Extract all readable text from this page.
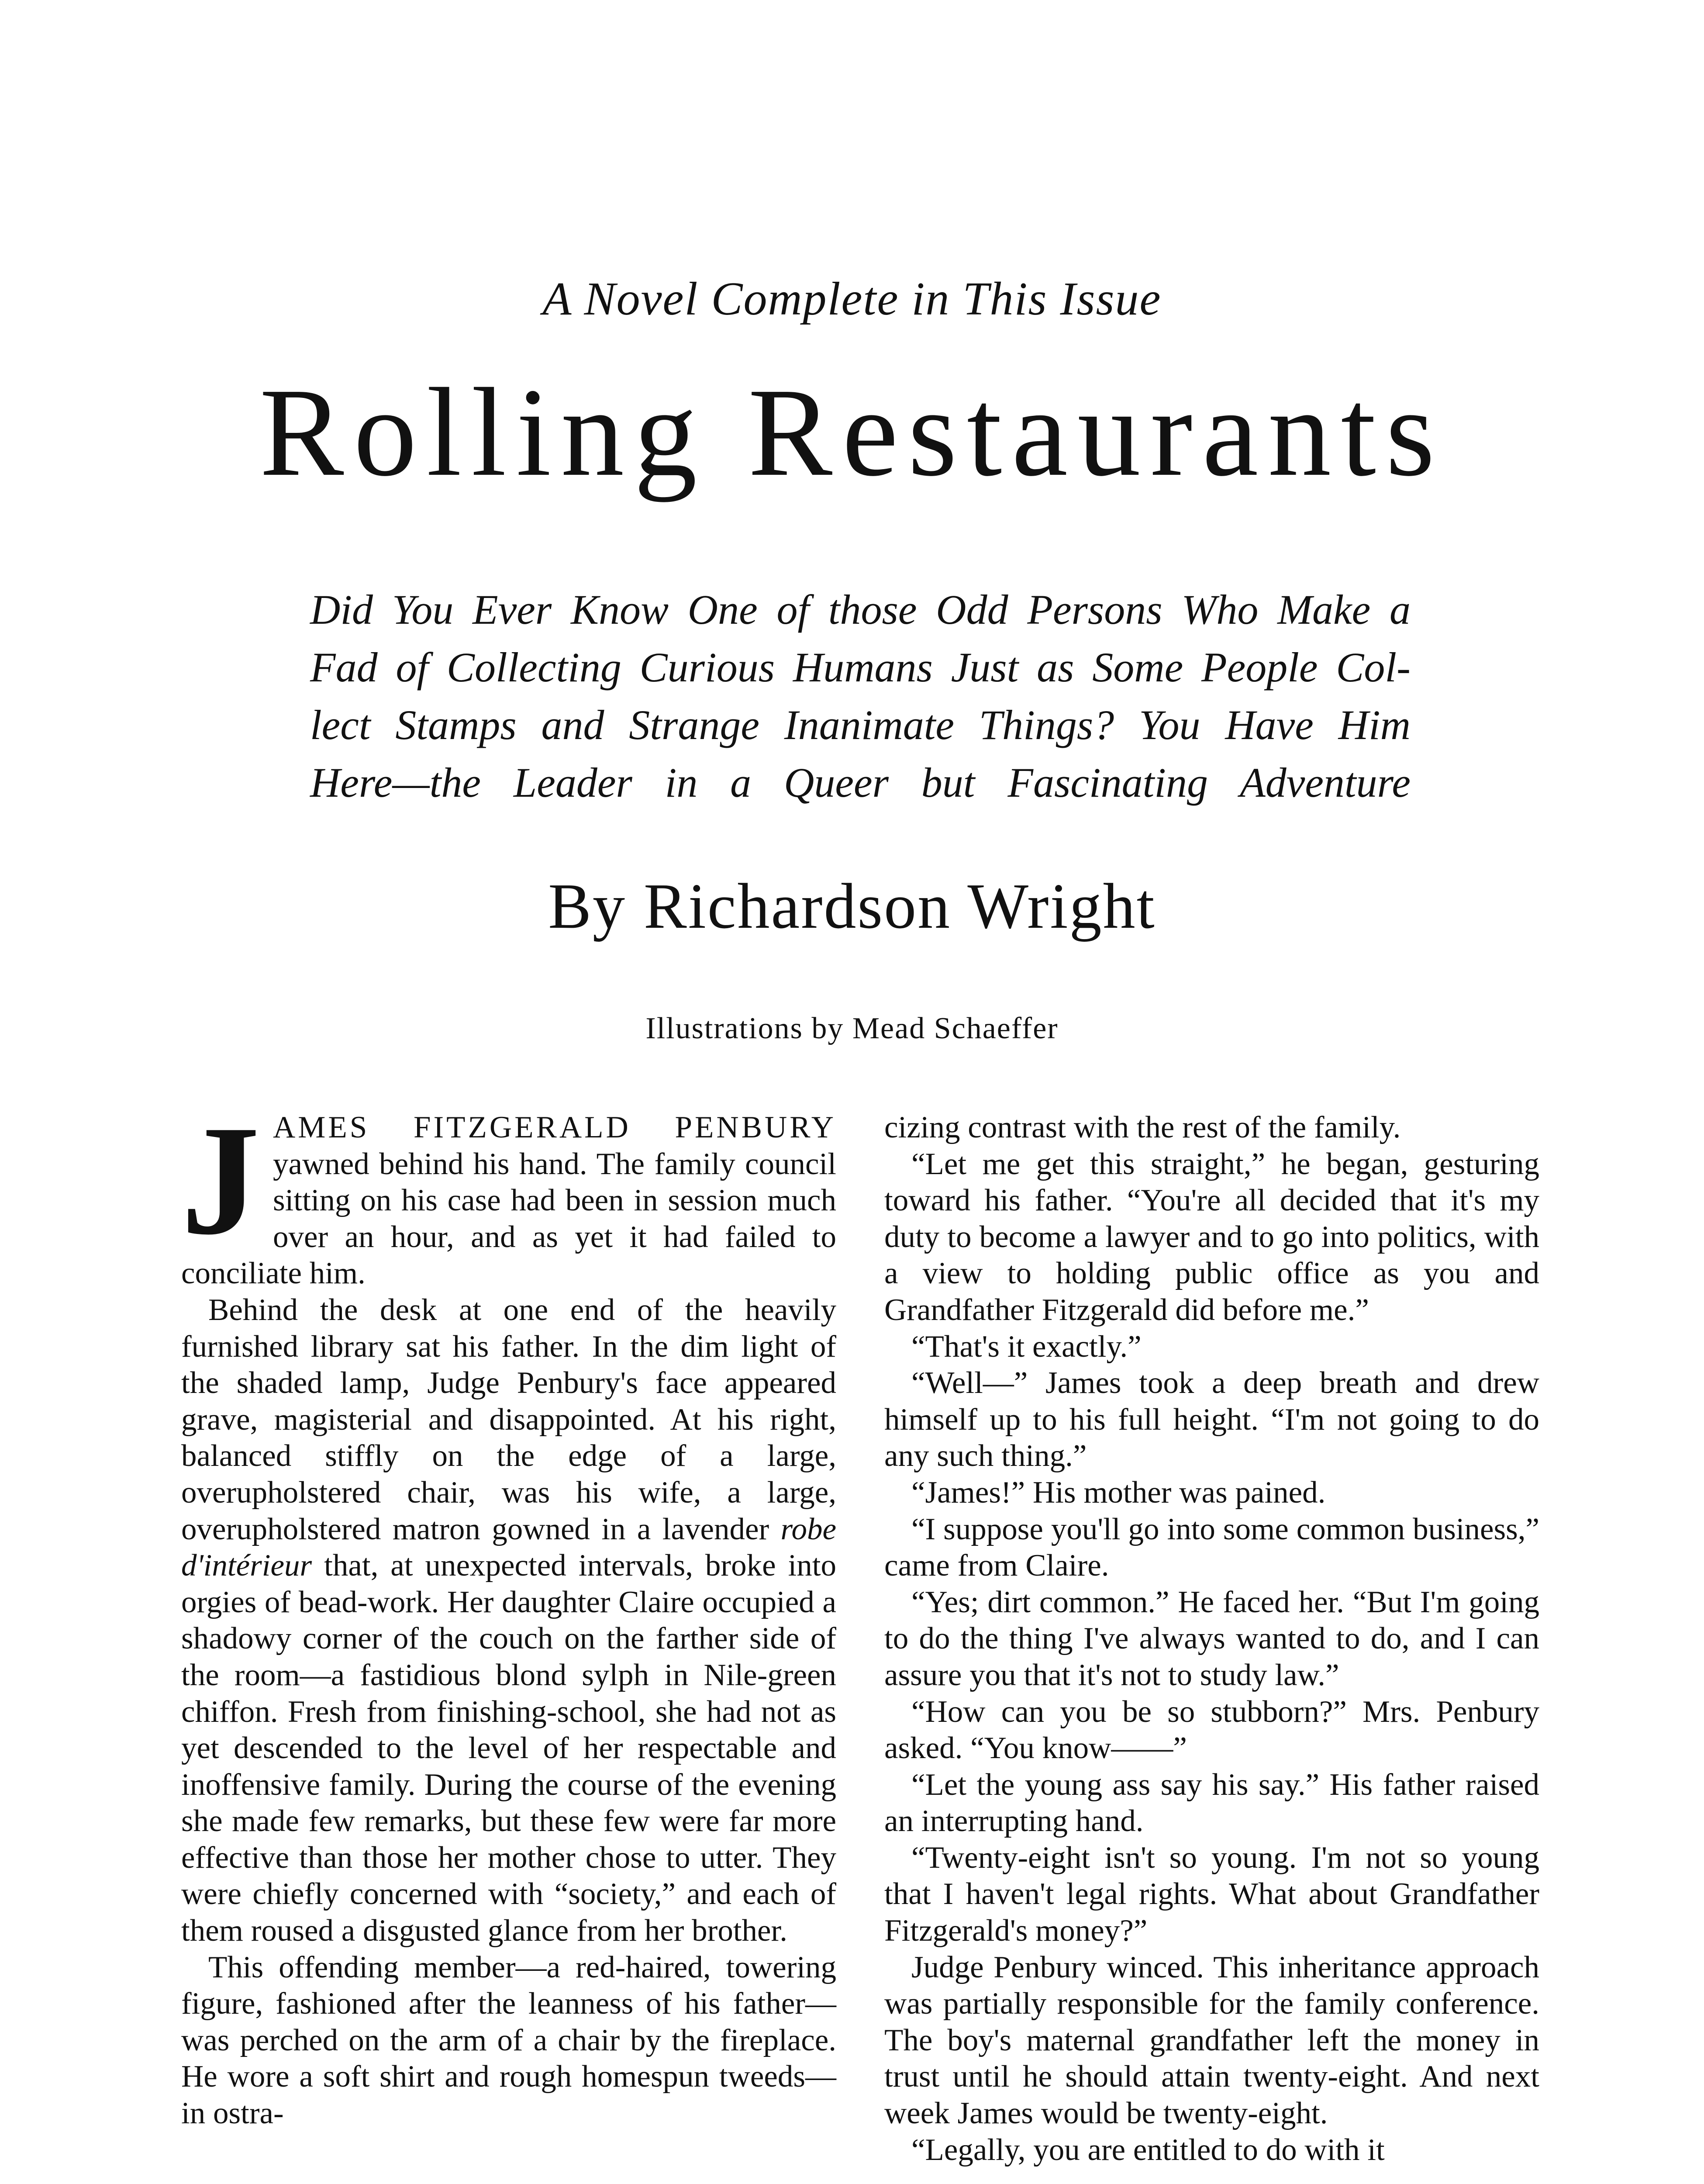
A Novel Complete in This Issue
Rolling Restaurants
Did You Ever Know One of those Odd Persons Who Make a
Fad of Collecting Curious Humans Just as Some People Col-
lect Stamps and Strange Inanimate Things? You Have Him
Here—the Leader in a Queer but Fascinating Adventure
By Richardson Wright
Illustrations by Mead Schaeffer

JAMES FITZGERALD PENBURY yawned behind his hand. The family council sitting on his case had been in session much over an hour, and as yet it had failed to conciliate him.

Behind the desk at one end of the heavily furnished library sat his father. In the dim light of the shaded lamp, Judge Penbury's face appeared grave, magisterial and disappointed. At his right, balanced stiffly on the edge of a large, overupholstered chair, was his wife, a large, overupholstered matron gowned in a lavender robe d'intérieur that, at unexpected intervals, broke into orgies of bead-work. Her daughter Claire occupied a shadowy corner of the couch on the farther side of the room—a fastidious blond sylph in Nile-green chiffon. Fresh from finishing-school, she had not as yet descended to the level of her respectable and inoffensive family. During the course of the evening she made few remarks, but these few were far more effective than those her mother chose to utter. They were chiefly concerned with “society,” and each of them roused a disgusted glance from her brother.

This offending member—a red-haired, towering figure, fashioned after the leanness of his father—was perched on the arm of a chair by the fireplace. He wore a soft shirt and rough homespun tweeds—in ostra-

cizing contrast with the rest of the family.

“Let me get this straight,” he began, gesturing toward his father. “You're all decided that it's my duty to become a lawyer and to go into politics, with a view to holding public office as you and Grandfather Fitzgerald did before me.”

“That's it exactly.”

“Well—” James took a deep breath and drew himself up to his full height. “I'm not going to do any such thing.”

“James!” His mother was pained.

“I suppose you'll go into some common business,” came from Claire.

“Yes; dirt common.” He faced her. “But I'm going to do the thing I've always wanted to do, and I can assure you that it's not to study law.”

“How can you be so stubborn?” Mrs. Penbury asked. “You know——”

“Let the young ass say his say.” His father raised an interrupting hand.

“Twenty-eight isn't so young. I'm not so young that I haven't legal rights. What about Grandfather Fitzgerald's money?”

Judge Penbury winced. This inheritance approach was partially responsible for the family conference. The boy's maternal grandfather left the money in trust until he should attain twenty-eight. And next week James would be twenty-eight.

“Legally, you are entitled to do with it
